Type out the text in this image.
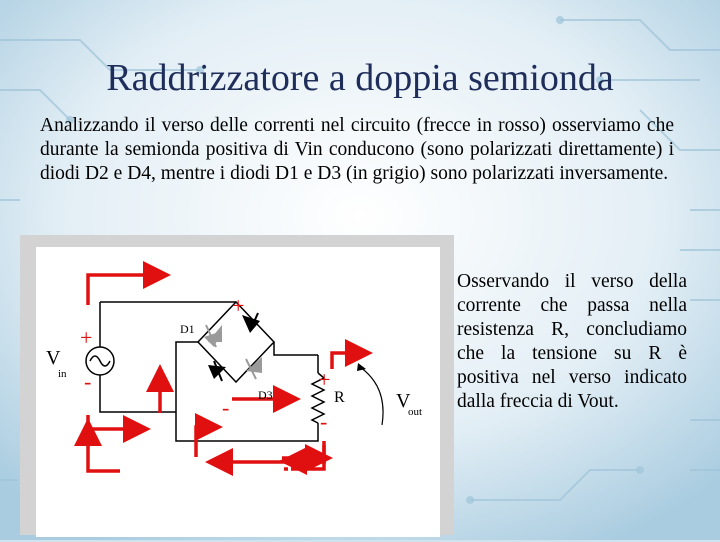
Raddrizzatore a doppia semionda
Analizzando il verso delle correnti nel circuito (frecce in rosso) osserviamo che durante la semionda positiva di Vin conducono (sono polarizzati direttamente) i diodi D2 e D4, mentre i diodi D1 e D3 (in grigio) sono polarizzati inversamente.
V
in
D1
D3	R	V
out
+
+
-	+
-
-
Osservando il verso della corrente che passa nella resistenza R, concludiamo che la tensione su R è positiva nel verso indicato dalla freccia di Vout.
